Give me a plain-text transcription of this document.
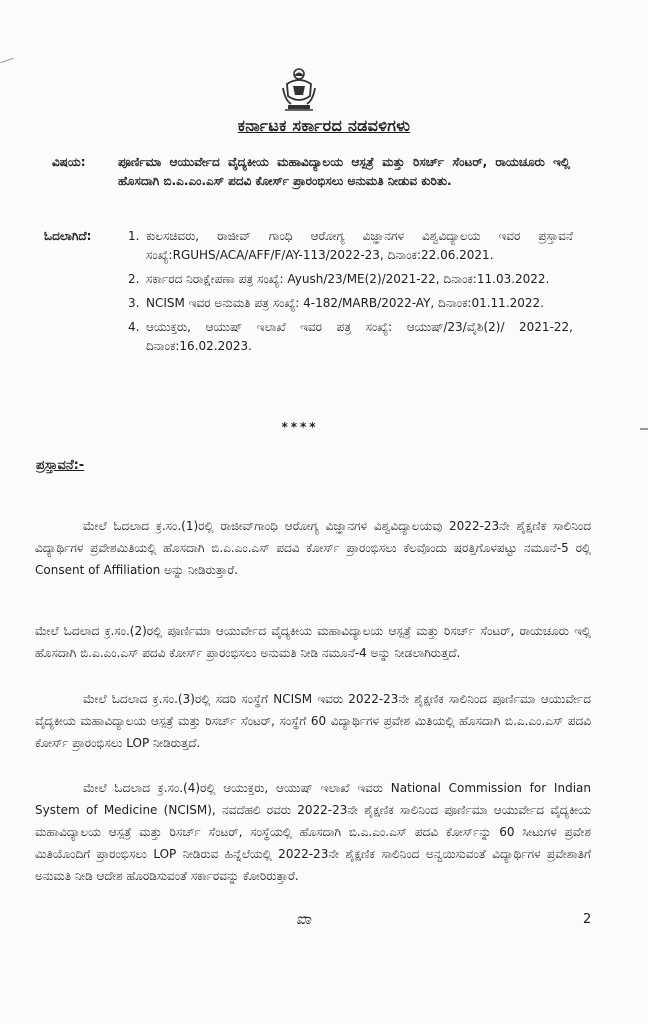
ಕರ್ನಾಟಕ ಸರ್ಕಾರದ ನಡವಳಿಗಳು
ವಿಷಯ:	ಪೂರ್ಣಿಮಾ ಆಯುರ್ವೇದ ವೈದ್ಯಕೀಯ ಮಹಾವಿದ್ಯಾಲಯ ಆಸ್ಪತ್ರೆ ಮತ್ತು ರಿಸರ್ಚ್ ಸೆಂಟರ್, ರಾಯಚೂರು ಇಲ್ಲಿ ಹೊಸದಾಗಿ ಬಿ.ಎ.ಎಂ.ಎಸ್ ಪದವಿ ಕೋರ್ಸ್ ಪ್ರಾರಂಭಿಸಲು ಅನುಮತಿ ನೀಡುವ ಕುರಿತು.
ಓದಲಾಗಿದೆ:	1. ಕುಲಸಚಿವರು, ರಾಜೀವ್ ಗಾಂಧಿ ಆರೋಗ್ಯ ವಿಜ್ಞಾನಗಳ ವಿಶ್ವವಿದ್ಯಾಲಯ ಇವರ ಪ್ರಸ್ತಾವನೆ ಸಂಖ್ಯೆ:RGUHS/ACA/AFF/F/AY-113/2022-23, ದಿನಾಂಕ:22.06.2021.
2. ಸರ್ಕಾರದ ನಿರಾಕ್ಷೇಪಣಾ ಪತ್ರ ಸಂಖ್ಯೆ: Ayush/23/ME(2)/2021-22, ದಿನಾಂಕ:11.03.2022.
3. NCISM ಇವರ ಅನುಮತಿ ಪತ್ರ ಸಂಖ್ಯೆ: 4-182/MARB/2022-AY, ದಿನಾಂಕ:01.11.2022.
4. ಆಯುಕ್ತರು, ಆಯುಷ್ ಇಲಾಖೆ ಇವರ ಪತ್ರ ಸಂಖ್ಯೆ: ಆಯುಷ್/23/ವೈಶಿ(2)/ 2021-22, ದಿನಾಂಕ:16.02.2023.
****
ಪ್ರಸ್ತಾವನೆ:-
ಮೇಲೆ ಓದಲಾದ ಕ್ರ.ಸಂ.(1)ರಲ್ಲಿ ರಾಜೀವ್‌ಗಾಂಧಿ ಆರೋಗ್ಯ ವಿಜ್ಞಾನಗಳ ವಿಶ್ವವಿದ್ಯಾಲಯವು 2022-23ನೇ ಶೈಕ್ಷಣಿಕ ಸಾಲಿನಿಂದ ವಿದ್ಯಾರ್ಥಿಗಳ ಪ್ರವೇಶಮಿತಿಯಲ್ಲಿ ಹೊಸದಾಗಿ ಬಿ.ಎ.ಎಂ.ಎಸ್ ಪದವಿ ಕೋರ್ಸ್ ಪ್ರಾರಂಭಿಸಲು ಕೆಲವೊಂದು ಷರತ್ತಿಗೊಳಪಟ್ಟು ನಮೂನೆ-5 ರಲ್ಲಿ Consent of Affiliation ಅನ್ನು ನೀಡಿರುತ್ತಾರೆ.
ಮೇಲೆ ಓದಲಾದ ಕ್ರ.ಸಂ.(2)ರಲ್ಲಿ ಪೂರ್ಣಿಮಾ ಆಯುರ್ವೇದ ವೈದ್ಯಕೀಯ ಮಹಾವಿದ್ಯಾಲಯ ಆಸ್ಪತ್ರೆ ಮತ್ತು ರಿಸರ್ಚ್ ಸೆಂಟರ್, ರಾಯಚೂರು ಇಲ್ಲಿ ಹೊಸದಾಗಿ ಬಿ.ಎ.ಎಂ.ಎಸ್ ಪದವಿ ಕೋರ್ಸ್ ಪ್ರಾರಂಭಿಸಲು ಅನುಮತಿ ನೀಡಿ ನಮೂನೆ-4 ಅನ್ನು ನೀಡಲಾಗಿರುತ್ತದೆ.
ಮೇಲೆ ಓದಲಾದ ಕ್ರ.ಸಂ.(3)ರಲ್ಲಿ ಸದರಿ ಸಂಸ್ಥೆಗೆ NCISM ಇವರು 2022-23ನೇ ಶೈಕ್ಷಣಿಕ ಸಾಲಿನಿಂದ ಪೂರ್ಣಿಮಾ ಆಯುರ್ವೇದ ವೈದ್ಯಕೀಯ ಮಹಾವಿದ್ಯಾಲಯ ಆಸ್ಪತ್ರೆ ಮತ್ತು ರಿಸರ್ಚ್ ಸೆಂಟರ್, ಸಂಸ್ಥೆಗೆ 60 ವಿದ್ಯಾರ್ಥಿಗಳ ಪ್ರವೇಶ ಮಿತಿಯಲ್ಲಿ ಹೊಸದಾಗಿ ಬಿ.ಎ.ಎಂ.ಎಸ್ ಪದವಿ ಕೋರ್ಸ್ ಪ್ರಾರಂಭಿಸಲು LOP ನೀಡಿರುತ್ತದೆ.
ಮೇಲೆ ಓದಲಾದ ಕ್ರ.ಸಂ.(4)ರಲ್ಲಿ ಆಯುಕ್ತರು, ಆಯುಷ್ ಇಲಾಖೆ ಇವರು National Commission for Indian System of Medicine (NCISM), ನವದೆಹಲಿ ರವರು 2022-23ನೇ ಶೈಕ್ಷಣಿಕ ಸಾಲಿನಿಂದ ಪೂರ್ಣಿಮಾ ಆಯುರ್ವೇದ ವೈದ್ಯಕೀಯ ಮಹಾವಿದ್ಯಾಲಯ ಆಸ್ಪತ್ರೆ ಮತ್ತು ರಿಸರ್ಚ್ ಸೆಂಟರ್, ಸಂಸ್ಥೆಯಲ್ಲಿ ಹೊಸದಾಗಿ ಬಿ.ಎ.ಎಂ.ಎಸ್ ಪದವಿ ಕೋರ್ಸ್‌ನ್ನು 60 ಸೀಟುಗಳ ಪ್ರವೇಶ ಮಿತಿಯೊಂದಿಗೆ ಪ್ರಾರಂಭಿಸಲು LOP ನೀಡಿರುವ ಹಿನ್ನೆಲೆಯಲ್ಲಿ 2022-23ನೇ ಶೈಕ್ಷಣಿಕ ಸಾಲಿನಿಂದ ಅನ್ವಯಿಸುವಂತೆ ವಿದ್ಯಾರ್ಥಿಗಳ ಪ್ರವೇಶಾತಿಗೆ ಅನುಮತಿ ನೀಡಿ ಆದೇಶ ಹೊರಡಿಸುವಂತೆ ಸರ್ಕಾರವನ್ನು ಕೋರಿರುತ್ತಾರೆ.
ಐಾ	2
